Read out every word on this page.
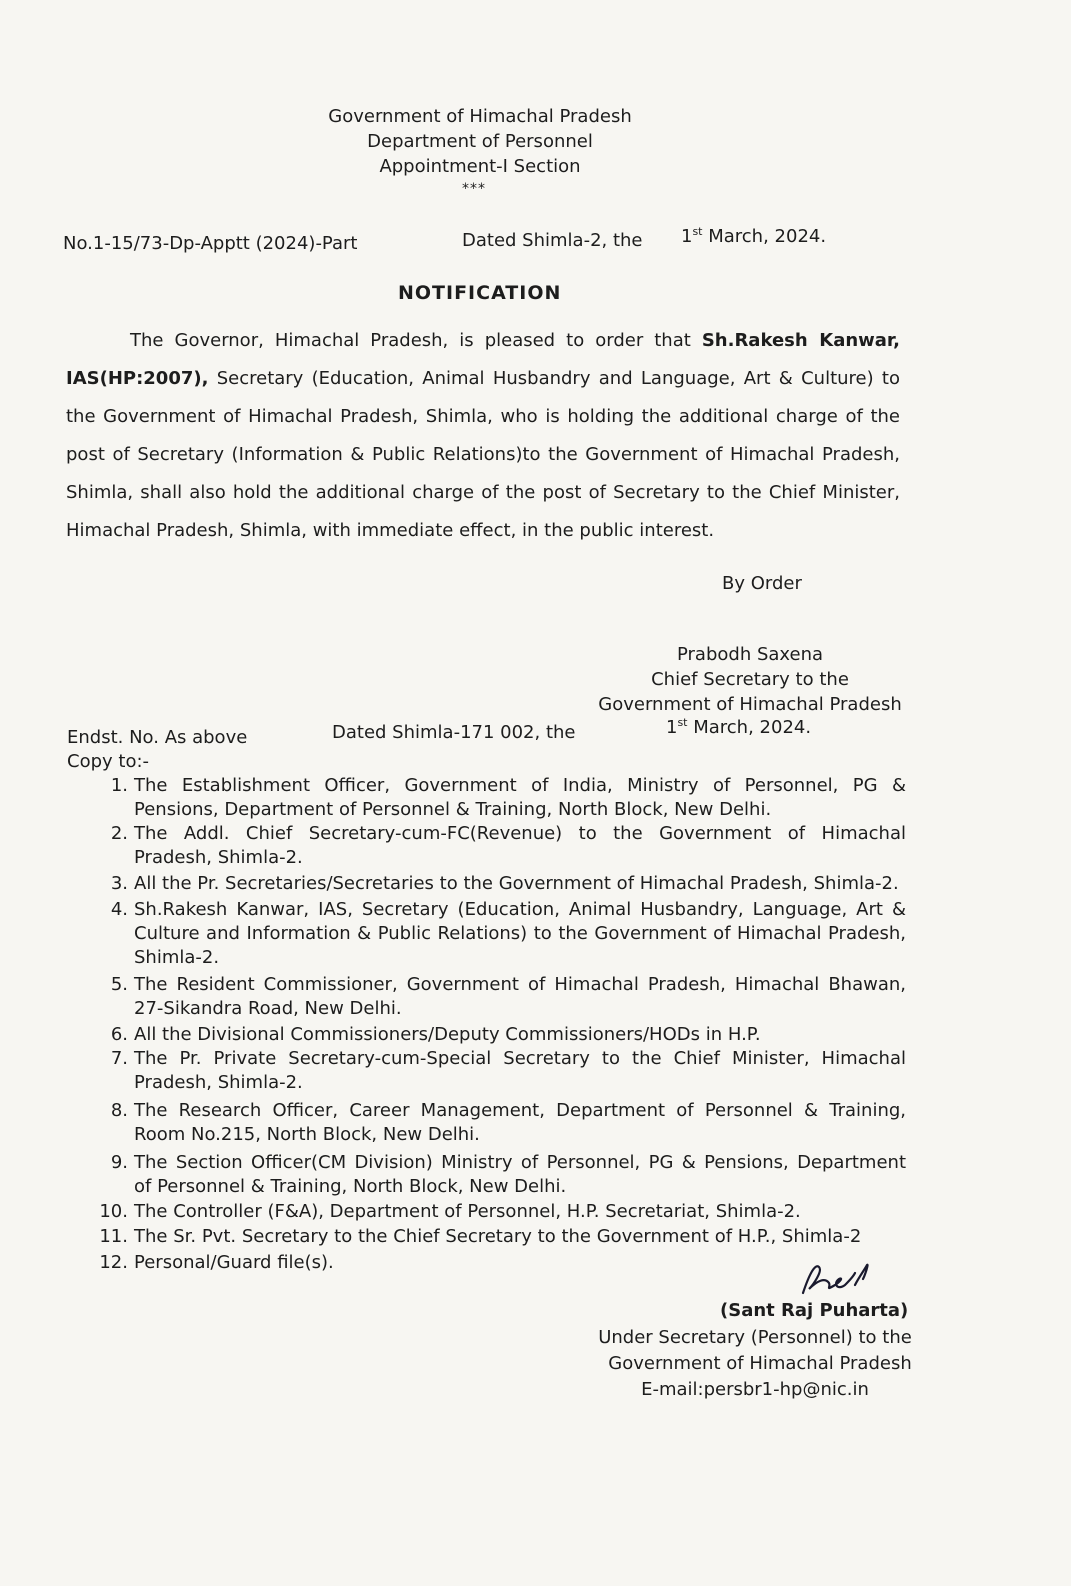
Government of Himachal Pradesh
Department of Personnel
Appointment-I Section
***
No.1-15/73-Dp-Apptt (2024)-Part	Dated Shimla-2, the 1st March, 2024.
NOTIFICATION
The Governor, Himachal Pradesh, is pleased to order that Sh.Rakesh Kanwar,
IAS(HP:2007), Secretary (Education, Animal Husbandry and Language, Art & Culture) to
the Government of Himachal Pradesh, Shimla, who is holding the additional charge of the
post of Secretary (Information & Public Relations)to the Government of Himachal Pradesh,
Shimla, shall also hold the additional charge of the post of Secretary to the Chief Minister,
Himachal Pradesh, Shimla, with immediate effect, in the public interest.
By Order
Prabodh Saxena
Chief Secretary to the
Government of Himachal Pradesh
Endst. No. As above	Dated Shimla-171 002, the	1st March, 2024.
Copy to:-
1. The Establishment Officer, Government of India, Ministry of Personnel, PG &
Pensions, Department of Personnel & Training, North Block, New Delhi.
2. The Addl. Chief Secretary-cum-FC(Revenue) to the Government of Himachal
Pradesh, Shimla-2.
3. All the Pr. Secretaries/Secretaries to the Government of Himachal Pradesh, Shimla-2.
4. Sh.Rakesh Kanwar, IAS, Secretary (Education, Animal Husbandry, Language, Art &
Culture and Information & Public Relations) to the Government of Himachal Pradesh,
Shimla-2.
5. The Resident Commissioner, Government of Himachal Pradesh, Himachal Bhawan,
27-Sikandra Road, New Delhi.
6. All the Divisional Commissioners/Deputy Commissioners/HODs in H.P.
7. The Pr. Private Secretary-cum-Special Secretary to the Chief Minister, Himachal
Pradesh, Shimla-2.
8. The Research Officer, Career Management, Department of Personnel & Training,
Room No.215, North Block, New Delhi.
9. The Section Officer(CM Division) Ministry of Personnel, PG & Pensions, Department
of Personnel & Training, North Block, New Delhi.
10. The Controller (F&A), Department of Personnel, H.P. Secretariat, Shimla-2.
11. The Sr. Pvt. Secretary to the Chief Secretary to the Government of H.P., Shimla-2
12. Personal/Guard file(s).
(Sant Raj Puharta)
Under Secretary (Personnel) to the
Government of Himachal Pradesh
E-mail:persbr1-hp@nic.in
